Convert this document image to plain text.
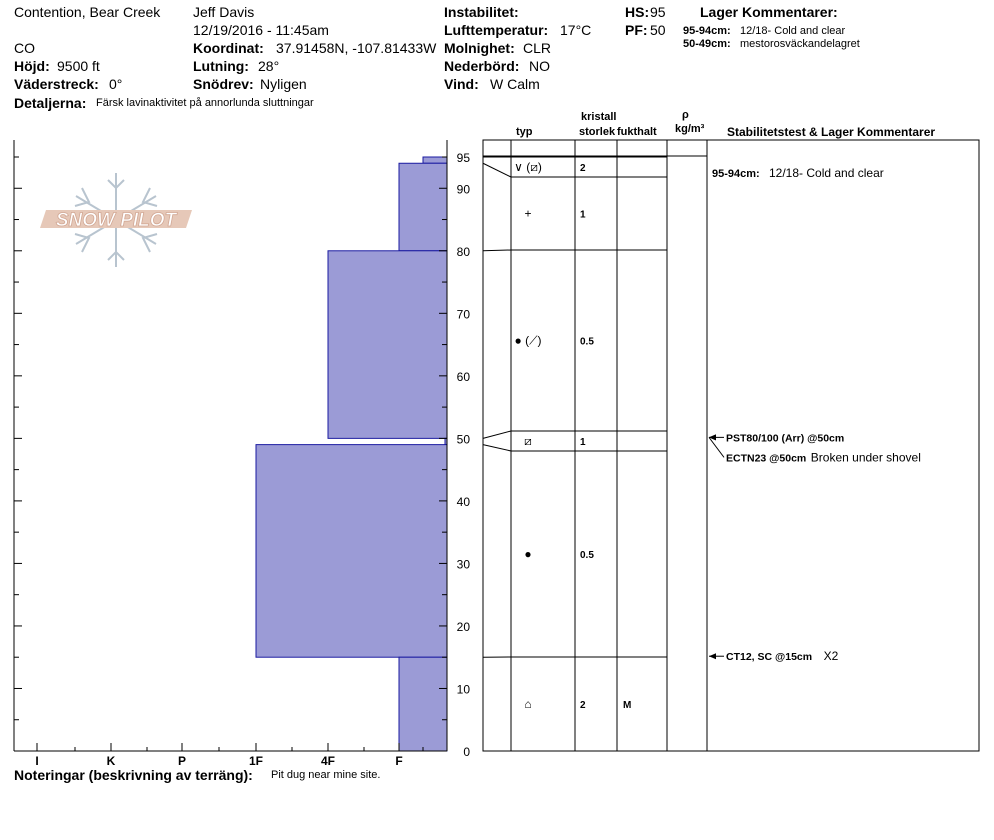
Contention, Bear Creek Jeff Davis
12/19/2016 - 11:45am
CO	Koordinat: 37.91458N, -107.81433W
Höjd: 9500 ft	Lutning: 28°
Väderstreck: 0°	Snödrev: Nyligen
Detaljerna: Färsk lavinaktivitet på annorlunda sluttningar
Instabilitet:
Lufttemperatur: 17°C
Molnighet: CLR
Nederbörd: NO
Vind: W Calm
HS: 95
PF: 50
Lager Kommentarer:
95-94cm: 12/18- Cold and clear
50-49cm: mestorosväckandelagret
SNOW PILOT
kristall
typ	storlek fukthalt
ρ
kg/m³ Stabilitetstest & Lager Kommentarer
0
10
20
30
40
50
60
70
80
90
95
I	K	P	1F	4F	F
∨ (⧄)	2
+	1
● (⟋)	0.5
⧄	1
●	0.5
⌂	2	M
95-94cm: 12/18- Cold and clear
PST80/100 (Arr) @50cm
ECTN23 @50cm Broken under shovel
CT12, SC @15cm X2
Noteringar (beskrivning av terräng): Pit dug near mine site.
